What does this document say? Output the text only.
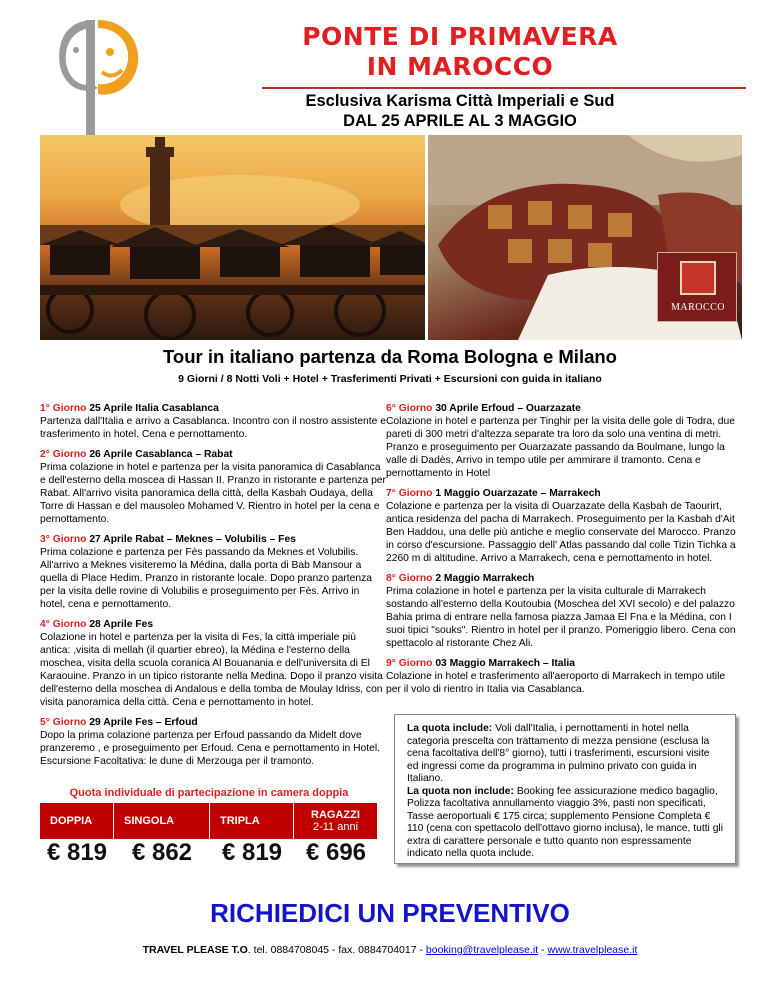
PONTE DI PRIMAVERA
IN MAROCCO
Esclusiva Karisma Città Imperiali e Sud
DAL 25 APRILE AL 3 MAGGIO
MAROCCO
Tour in italiano partenza da Roma Bologna e Milano
9 Giorni / 8 Notti Voli + Hotel + Trasferimenti Privati + Escursioni con guida in italiano
1° Giorno 25 Aprile Italia Casablanca
Partenza dall'Italia e arrivo a Casablanca. Incontro con il nostro assistente e trasferimento in hotel. Cena e pernottamento.
2° Giorno 26 Aprile Casablanca – Rabat
Prima colazione in hotel e partenza per la visita panoramica di Casablanca e dell'esterno della moscea di Hassan II. Pranzo in ristorante e partenza per Rabat. All'arrivo visita panoramica della città, della Kasbah Oudaya, della Torre di Hassan e del mausoleo Mohamed V. Rientro in hotel per la cena e pernottamento.
3° Giorno 27 Aprile Rabat – Meknes – Volubilis – Fes
Prima colazione e partenza per Fès passando da Meknes et Volubilis. All'arrivo a Meknes visiteremo la Médina, dalla porta di Bab Mansour a quella di Place Hedim. Pranzo in ristorante locale. Dopo pranzo partenza per la visita delle rovine di Volubilis e proseguimento per Fès. Arrivo in hotel, cena e pernottamento.
4° Giorno 28 Aprile Fes
Colazione in hotel e partenza per la visita di Fes, la città imperiale più antica: ,visita di mellah (il quartier ebreo), la Médina e l'esterno della moschea, visita della scuola coranica Al Bouanania e dell'universita di El Karaouine. Pranzo in un tipico ristorante nella Medina. Dopo il pranzo visita dell'esterno della moschea di Andalous e della tomba de Moulay Idriss, con visita panoramica della città. Cena e pernottamento in hotel.
5° Giorno 29 Aprile Fes – Erfoud
Dopo la prima colazione partenza per Erfoud passando da Midelt dove pranzeremo , e proseguimento per Erfoud. Cena e pernottamento in Hotel. Escursione Facoltativa: le dune di Merzouga per il tramonto.
6° Giorno 30 Aprile Erfoud – Ouarzazate
Colazione in hotel e partenza per Tinghir per la visita delle gole di Todra, due pareti di 300 metri d'altezza separate tra loro da solo una ventina di metri. Pranzo e proseguimento per Ouarzazate passando da Boulmane, lungo la valle di Dadès, Arrivo in tempo utile per ammirare il tramonto. Cena e pernottamento in Hotel
7° Giorno 1 Maggio Ouarzazate – Marrakech
Colazione e partenza per la visita di Ouarzazate della Kasbah de Taourirt, antica residenza del pacha di Marrakech. Proseguimento per la Kasbah d'Ait Ben Haddou, una delle più antiche e meglio conservate del Marocco. Pranzo in corso d'escursione. Passaggio dell' Atlas passando dal colle Tizin Tichka a 2260 m di altitudine. Arrivo a Marrakech, cena e pernottamento in hotel.
8° Giorno 2 Maggio Marrakech
Prima colazione in hotel e partenza per la visita culturale di Marrakech sostando all'esterno della Koutoubia (Moschea del XVI secolo) e del palazzo Bahia prima di entrare nella famosa piazza Jamaa El Fna e la Médina, con I suoi tipici "souks". Rientro in hotel per il pranzo. Pomeriggio libero. Cena con spettacolo al ristorante Chez Ali.
9° Giorno 03 Maggio Marrakech – Italia
Colazione in hotel e trasferimento all'aeroporto di Marrakech in tempo utile per il volo di rientro in Italia via Casablanca.
Quota individuale di partecipazione in camera doppia
DOPPIA	SINGOLA	TRIPLA	RAGAZZI
2-11 anni
€ 819	€ 862	€ 819 € 696
La quota include: Voli dall'Italia, i pernottamenti in hotel nella categoria prescelta con trattamento di mezza pensione (esclusa la cena facoltativa dell'8° giorno), tutti i trasferimenti, escursioni visite ed ingressi come da programma in pulmino privato con guida in Italiano.
La quota non include: Booking fee assicurazione medico bagaglio, Polizza facoltativa annullamento viaggio 3%, pasti non specificati, Tasse aeroportuali € 175 circa; supplemento Pensione Completa € 110 (cena con spettacolo dell'ottavo giorno inclusa), le mance, tutti gli extra di carattere personale e tutto quanto non espressamente indicato nella quota include.
RICHIEDICI UN PREVENTIVO
TRAVEL PLEASE T.O. tel. 0884708045 - fax. 0884704017 - booking@travelplease.it - www.travelplease.it
